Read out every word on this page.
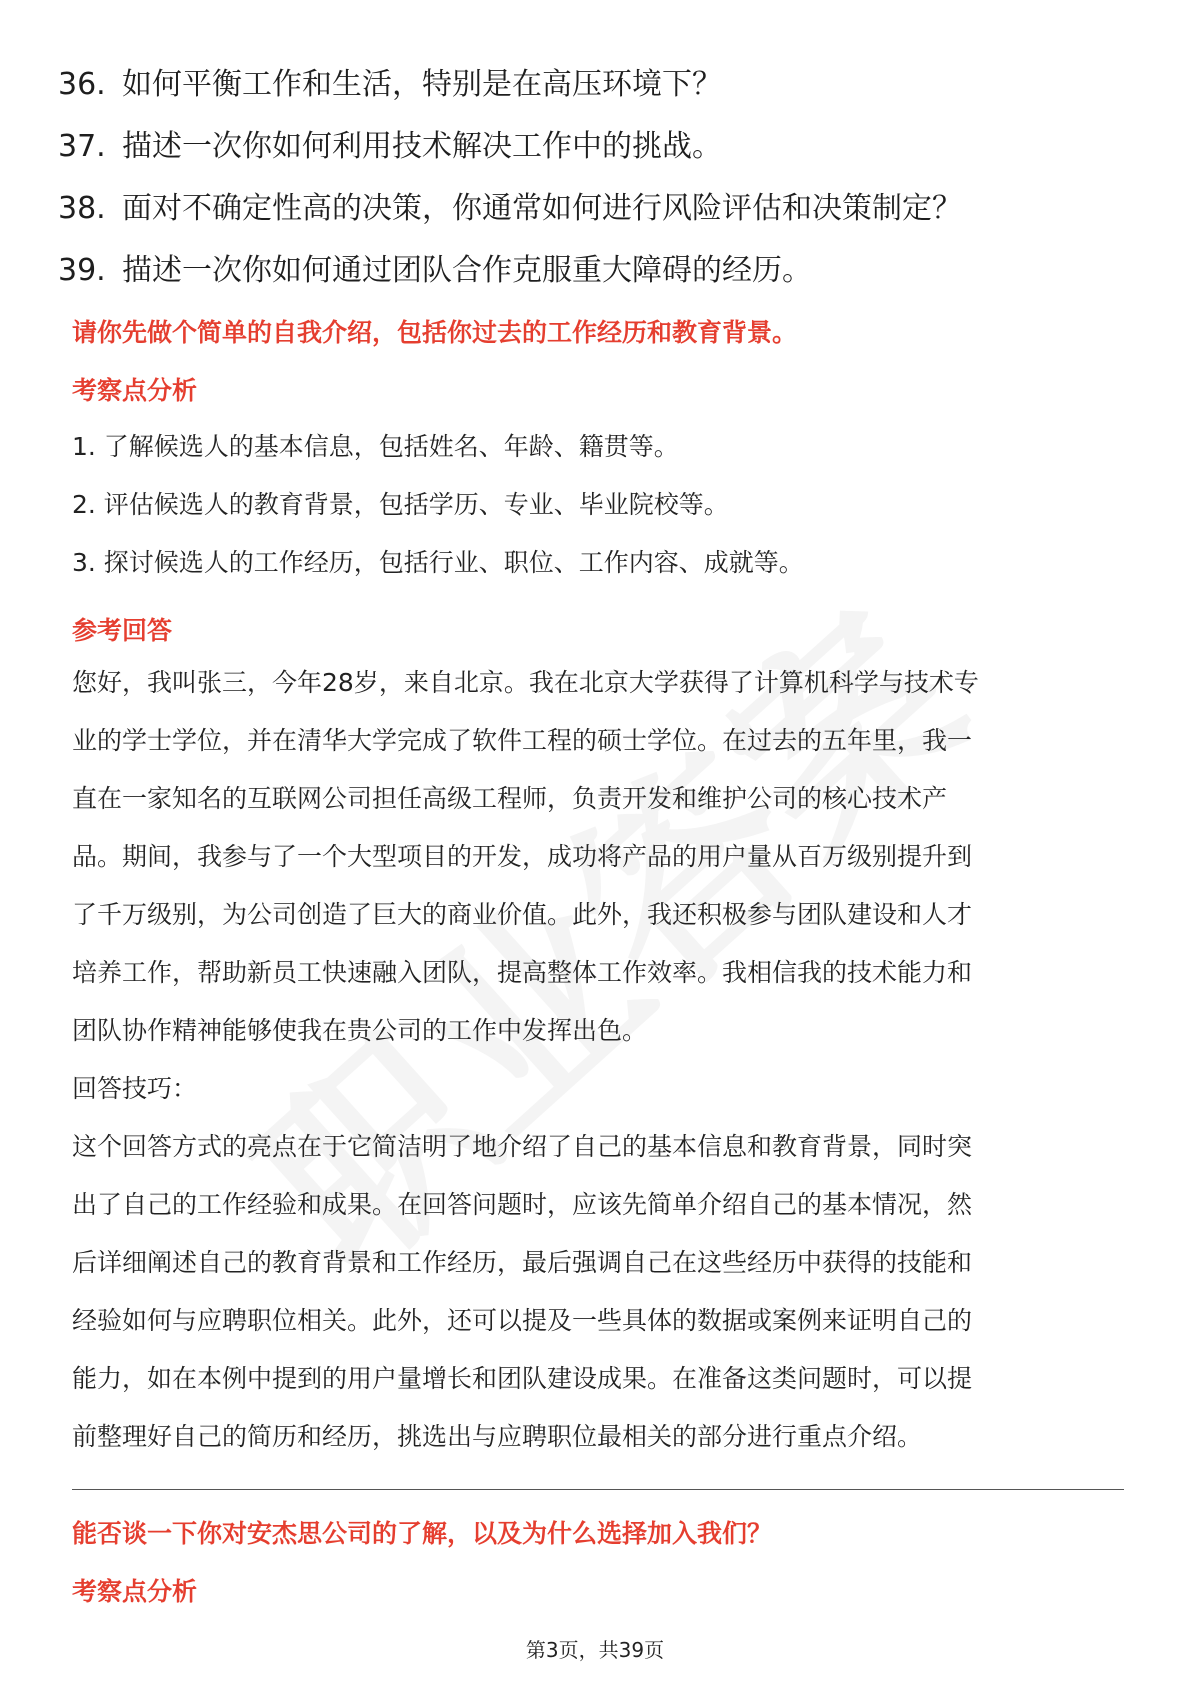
36. 如何平衡工作和生活，特别是在高压环境下？
37. 描述一次你如何利用技术解决工作中的挑战。
38. 面对不确定性高的决策，你通常如何进行风险评估和决策制定？
39. 描述一次你如何通过团队合作克服重大障碍的经历。
请你先做个简单的自我介绍，包括你过去的工作经历和教育背景。
考察点分析
1. 了解候选人的基本信息，包括姓名、年龄、籍贯等。
2. 评估候选人的教育背景，包括学历、专业、毕业院校等。
3. 探讨候选人的工作经历，包括行业、职位、工作内容、成就等。
参考回答
您好，我叫张三，今年28岁，来自北京。我在北京大学获得了计算机科学与技术专
业的学士学位，并在清华大学完成了软件工程的硕士学位。在过去的五年里，我一
直在一家知名的互联网公司担任高级工程师，负责开发和维护公司的核心技术产
品。期间，我参与了一个大型项目的开发，成功将产品的用户量从百万级别提升到
了千万级别，为公司创造了巨大的商业价值。此外，我还积极参与团队建设和人才
培养工作，帮助新员工快速融入团队，提高整体工作效率。我相信我的技术能力和
团队协作精神能够使我在贵公司的工作中发挥出色。
回答技巧：
这个回答方式的亮点在于它简洁明了地介绍了自己的基本信息和教育背景，同时突
出了自己的工作经验和成果。在回答问题时，应该先简单介绍自己的基本情况，然
后详细阐述自己的教育背景和工作经历，最后强调自己在这些经历中获得的技能和
经验如何与应聘职位相关。此外，还可以提及一些具体的数据或案例来证明自己的
能力，如在本例中提到的用户量增长和团队建设成果。在准备这类问题时，可以提
前整理好自己的简历和经历，挑选出与应聘职位最相关的部分进行重点介绍。
能否谈一下你对安杰思公司的了解，以及为什么选择加入我们？
考察点分析
第3页，共39页
